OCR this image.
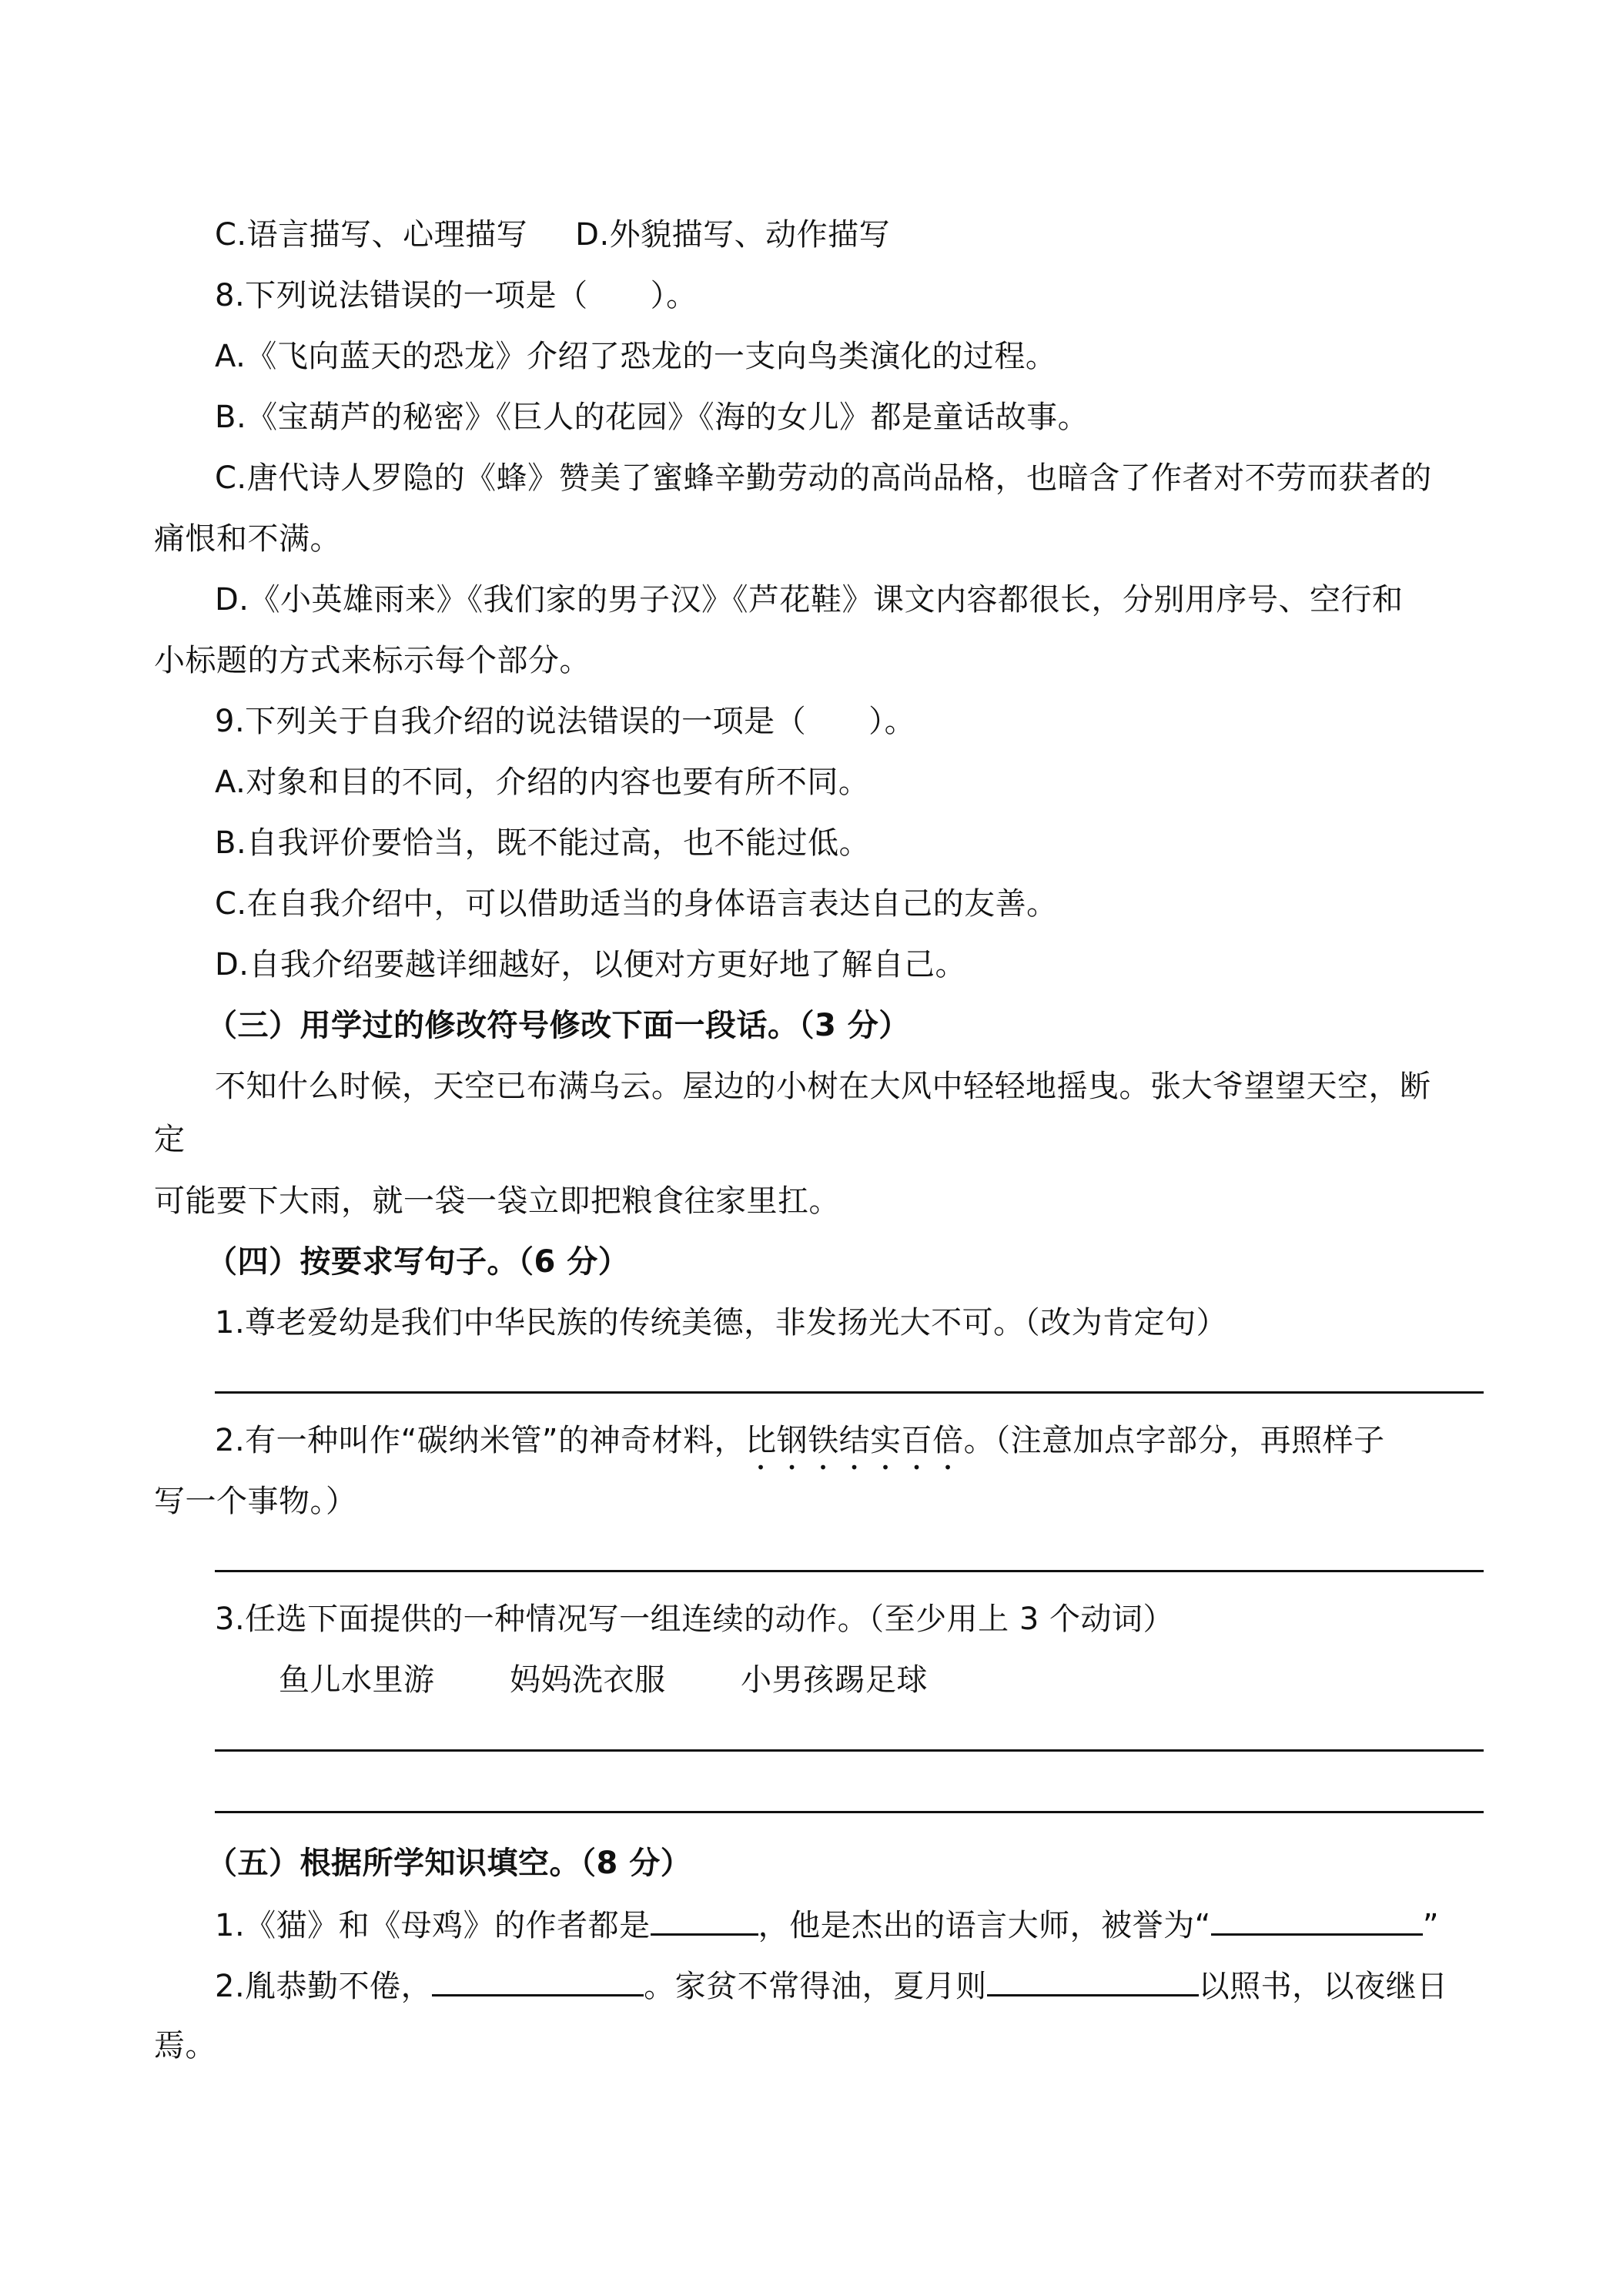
C.语言描写、心理描写 D.外貌描写、动作描写
8.下列说法错误的一项是（　　）。
A.《飞向蓝天的恐龙》介绍了恐龙的一支向鸟类演化的过程。
B.《宝葫芦的秘密》《巨人的花园》《海的女儿》都是童话故事。
C.唐代诗人罗隐的《蜂》赞美了蜜蜂辛勤劳动的高尚品格，也暗含了作者对不劳而获者的
痛恨和不满。
D.《小英雄雨来》《我们家的男子汉》《芦花鞋》课文内容都很长，分别用序号、空行和
小标题的方式来标示每个部分。
9.下列关于自我介绍的说法错误的一项是（　　）。
A.对象和目的不同，介绍的内容也要有所不同。
B.自我评价要恰当，既不能过高，也不能过低。
C.在自我介绍中，可以借助适当的身体语言表达自己的友善。
D.自我介绍要越详细越好，以便对方更好地了解自己。
（三）用学过的修改符号修改下面一段话。（3 分）
不知什么时候，天空已布满乌云。屋边的小树在大风中轻轻地摇曳。张大爷望望天空，断
定
可能要下大雨，就一袋一袋立即把粮食往家里扛。
（四）按要求写句子。（6 分）
1.尊老爱幼是我们中华民族的传统美德，非发扬光大不可。（改为肯定句）
2.有一种叫作“碳纳米管”的神奇材料，比钢铁结实百倍。（注意加点字部分，再照样子
写一个事物。）
3.任选下面提供的一种情况写一组连续的动作。（至少用上 3 个动词）
鱼儿水里游 妈妈洗衣服 小男孩踢足球
（五）根据所学知识填空。（8 分）
1.《猫》和《母鸡》的作者都是	，他是杰出的语言大师，被誉为“	”
2.胤恭勤不倦，	。家贫不常得油，夏月则	以照书，以夜继日
焉。
